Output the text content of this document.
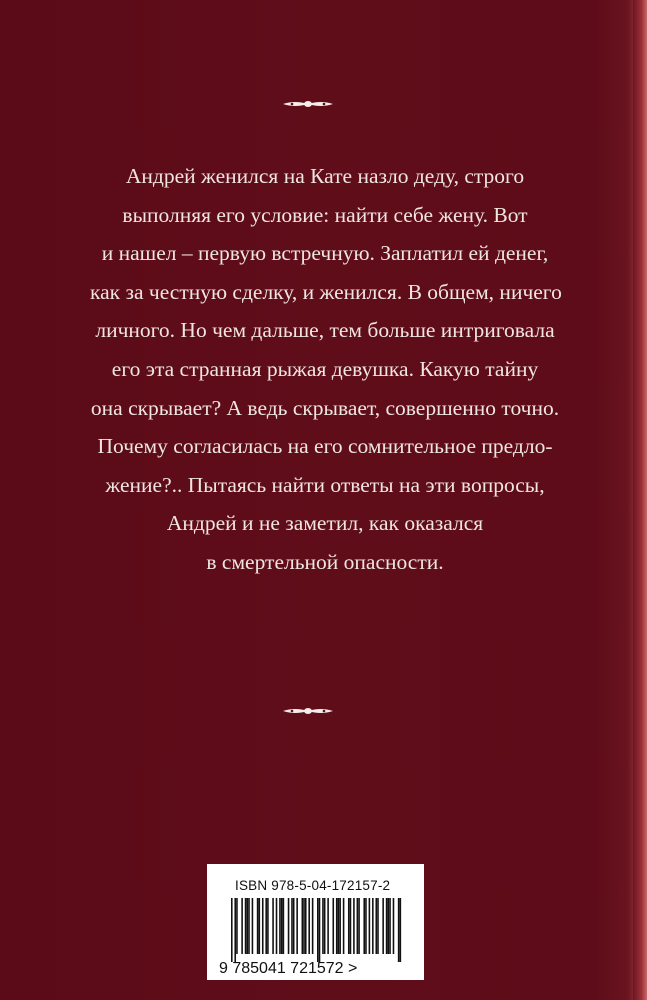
Андрей женился на Кате назло деду, строго
выполняя его условие: найти себе жену. Вот
и нашел – первую встречную. Заплатил ей денег,
как за честную сделку, и женился. В общем, ничего
личного. Но чем дальше, тем больше интриговала
его эта странная рыжая девушка. Какую тайну
она скрывает? А ведь скрывает, совершенно точно.
Почему согласилась на его сомнительное предло-
жение?.. Пытаясь найти ответы на эти вопросы,
Андрей и не заметил, как оказался
в смертельной опасности.
ISBN 978-5-04-172157-2
9 785041 721572 >
